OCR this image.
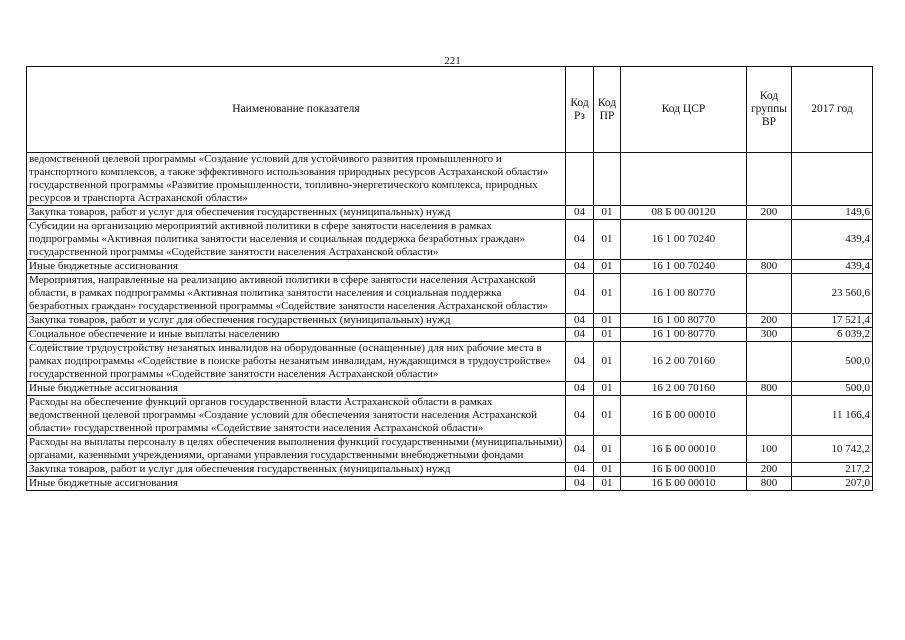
221
Наименование показателя	Код Рз	Код ПР	Код ЦСР	Код группы ВР	2017 год
ведомственной целевой программы «Создание условий для устойчивого развития промышленного и транспортного комплексов, а также эффективного использования природных ресурсов Астраханской области» государственной программы «Развитие промышленности, топливно-энергетического комплекса, природных ресурсов и транспорта Астраханской области»					
Закупка товаров, работ и услуг для обеспечения государственных (муниципальных) нужд	04	01	08 Б 00 00120	200	149,6
Субсидии на организацию мероприятий активной политики в сфере занятости населения в рамках подпрограммы «Активная политика занятости населения и социальная поддержка безработных граждан» государственной программы «Содействие занятости населения Астраханской области»	04	01	16 1 00 70240		439,4
Иные бюджетные ассигнования	04	01	16 1 00 70240	800	439,4
Мероприятия, направленные на реализацию активной политики в сфере занятости населения Астраханской области, в рамках подпрограммы «Активная политика занятости населения и социальная поддержка безработных граждан» государственной программы «Содействие занятости населения Астраханской области»	04	01	16 1 00 80770		23 560,6
Закупка товаров, работ и услуг для обеспечения государственных (муниципальных) нужд	04	01	16 1 00 80770	200	17 521,4
Социальное обеспечение и иные выплаты населению	04	01	16 1 00 80770	300	6 039,2
Содействие трудоустройству незанятых инвалидов на оборудованные (оснащенные) для них рабочие места в рамках подпрограммы «Содействие в поиске работы незанятым инвалидам, нуждающимся в трудоустройстве» государственной программы «Содействие занятости населения Астраханской области»	04	01	16 2 00 70160		500,0
Иные бюджетные ассигнования	04	01	16 2 00 70160	800	500,0
Расходы на обеспечение функций органов государственной власти Астраханской области в рамках ведомственной целевой программы «Создание условий для обеспечения занятости населения Астраханской области» государственной программы «Содействие занятости населения Астраханской области»	04	01	16 Б 00 00010		11 166,4
Расходы на выплаты персоналу в целях обеспечения выполнения функций государственными (муниципальными) органами, казенными учреждениями, органами управления государственными внебюджетными фондами	04	01	16 Б 00 00010	100	10 742,2
Закупка товаров, работ и услуг для обеспечения государственных (муниципальных) нужд	04	01	16 Б 00 00010	200	217,2
Иные бюджетные ассигнования	04	01	16 Б 00 00010	800	207,0
